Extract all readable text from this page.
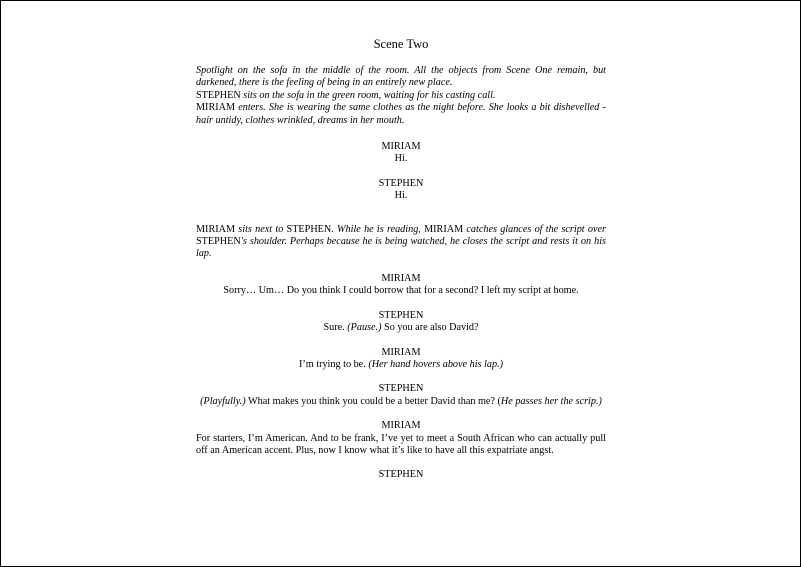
Scene Two

Spotlight on the sofa in the middle of the room. All the objects from Scene One remain, but darkened, there is the feeling of being in an entirely new place.

STEPHEN sits on the sofa in the green room, waiting for his casting call.

MIRIAM enters. She is wearing the same clothes as the night before. She looks a bit dishevelled - hair untidy, clothes wrinkled, dreams in her mouth.

MIRIAM

Hi.

STEPHEN

Hi.

MIRIAM sits next to STEPHEN. While he is reading, MIRIAM catches glances of the script over STEPHEN's shoulder. Perhaps because he is being watched, he closes the script and rests it on his lap.

MIRIAM

Sorry… Um… Do you think I could borrow that for a second? I left my script at home.

STEPHEN

Sure. (Pause.) So you are also David?

MIRIAM

I’m trying to be. (Her hand hovers above his lap.)

STEPHEN

(Playfully.) What makes you think you could be a better David than me? (He passes her the scrip.)

MIRIAM

For starters, I’m American. And to be frank, I’ve yet to meet a South African who can actually pull off an American accent. Plus, now I know what it’s like to have all this expatriate angst.

STEPHEN
